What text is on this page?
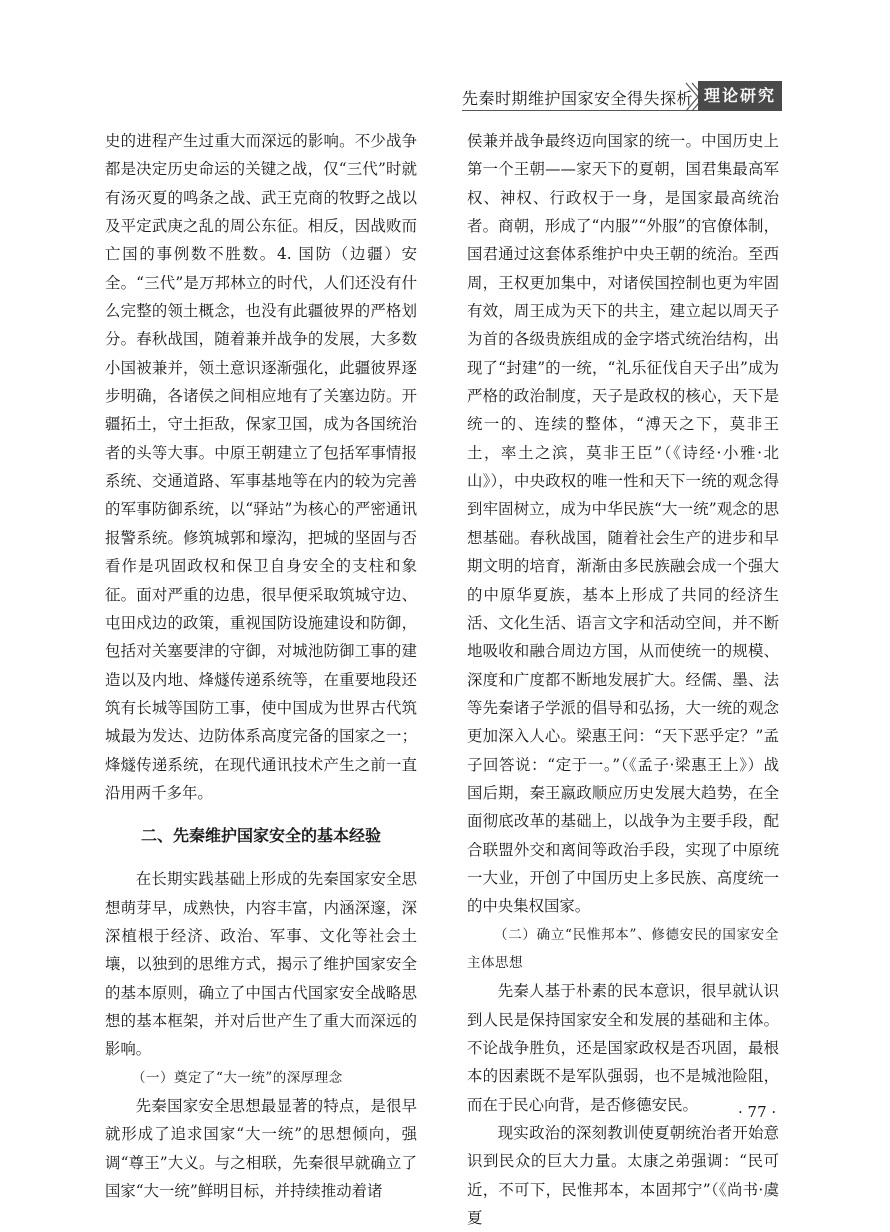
先秦时期维护国家安全得失探析 理论研究

史的进程产生过重大而深远的影响。不少战争都是决定历史命运的关键之战，仅“三代”时就有汤灭夏的鸣条之战、武王克商的牧野之战以及平定武庚之乱的周公东征。相反，因战败而亡国的事例数不胜数。4. 国防（边疆）安全。“三代”是万邦林立的时代，人们还没有什么完整的领土概念，也没有此疆彼界的严格划分。春秋战国，随着兼并战争的发展，大多数小国被兼并，领土意识逐渐强化，此疆彼界逐步明确，各诸侯之间相应地有了关塞边防。开疆拓土，守土拒敌，保家卫国，成为各国统治者的头等大事。中原王朝建立了包括军事情报系统、交通道路、军事基地等在内的较为完善的军事防御系统，以“驿站”为核心的严密通讯报警系统。修筑城郭和壕沟，把城的坚固与否看作是巩固政权和保卫自身安全的支柱和象征。面对严重的边患，很早便采取筑城守边、屯田戍边的政策，重视国防设施建设和防御，包括对关塞要津的守御，对城池防御工事的建造以及内地、烽燧传递系统等，在重要地段还筑有长城等国防工事，使中国成为世界古代筑城最为发达、边防体系高度完备的国家之一；烽燧传递系统，在现代通讯技术产生之前一直沿用两千多年。

二、先秦维护国家安全的基本经验

在长期实践基础上形成的先秦国家安全思想萌芽早，成熟快，内容丰富，内涵深邃，深深植根于经济、政治、军事、文化等社会土壤，以独到的思维方式，揭示了维护国家安全的基本原则，确立了中国古代国家安全战略思想的基本框架，并对后世产生了重大而深远的影响。

（一）奠定了“大一统”的深厚理念

先秦国家安全思想最显著的特点，是很早就形成了追求国家“大一统”的思想倾向，强调“尊王”大义。与之相联，先秦很早就确立了国家“大一统”鲜明目标，并持续推动着诸

侯兼并战争最终迈向国家的统一。中国历史上第一个王朝——家天下的夏朝，国君集最高军权、神权、行政权于一身，是国家最高统治者。商朝，形成了“内服”“外服”的官僚体制，国君通过这套体系维护中央王朝的统治。至西周，王权更加集中，对诸侯国控制也更为牢固有效，周王成为天下的共主，建立起以周天子为首的各级贵族组成的金字塔式统治结构，出现了“封建”的一统，“礼乐征伐自天子出”成为严格的政治制度，天子是政权的核心，天下是统一的、连续的整体，“溥天之下，莫非王土，率土之滨，莫非王臣”（《诗经·小雅·北山》），中央政权的唯一性和天下一统的观念得到牢固树立，成为中华民族“大一统”观念的思想基础。春秋战国，随着社会生产的进步和早期文明的培育，渐渐由多民族融会成一个强大的中原华夏族，基本上形成了共同的经济生活、文化生活、语言文字和活动空间，并不断地吸收和融合周边方国，从而使统一的规模、深度和广度都不断地发展扩大。经儒、墨、法等先秦诸子学派的倡导和弘扬，大一统的观念更加深入人心。梁惠王问：“天下恶乎定？”孟子回答说：“定于一。”（《孟子·梁惠王上》）战国后期，秦王嬴政顺应历史发展大趋势，在全面彻底改革的基础上，以战争为主要手段，配合联盟外交和离间等政治手段，实现了中原统一大业，开创了中国历史上多民族、高度统一的中央集权国家。

（二）确立“民惟邦本”、修德安民的国家安全主体思想

先秦人基于朴素的民本意识，很早就认识到人民是保持国家安全和发展的基础和主体。不论战争胜负，还是国家政权是否巩固，最根本的因素既不是军队强弱，也不是城池险阻，而在于民心向背，是否修德安民。

现实政治的深刻教训使夏朝统治者开始意识到民众的巨大力量。太康之弟强调：“民可近，不可下，民惟邦本，本固邦宁”（《尚书·虞夏

· 77 ·
